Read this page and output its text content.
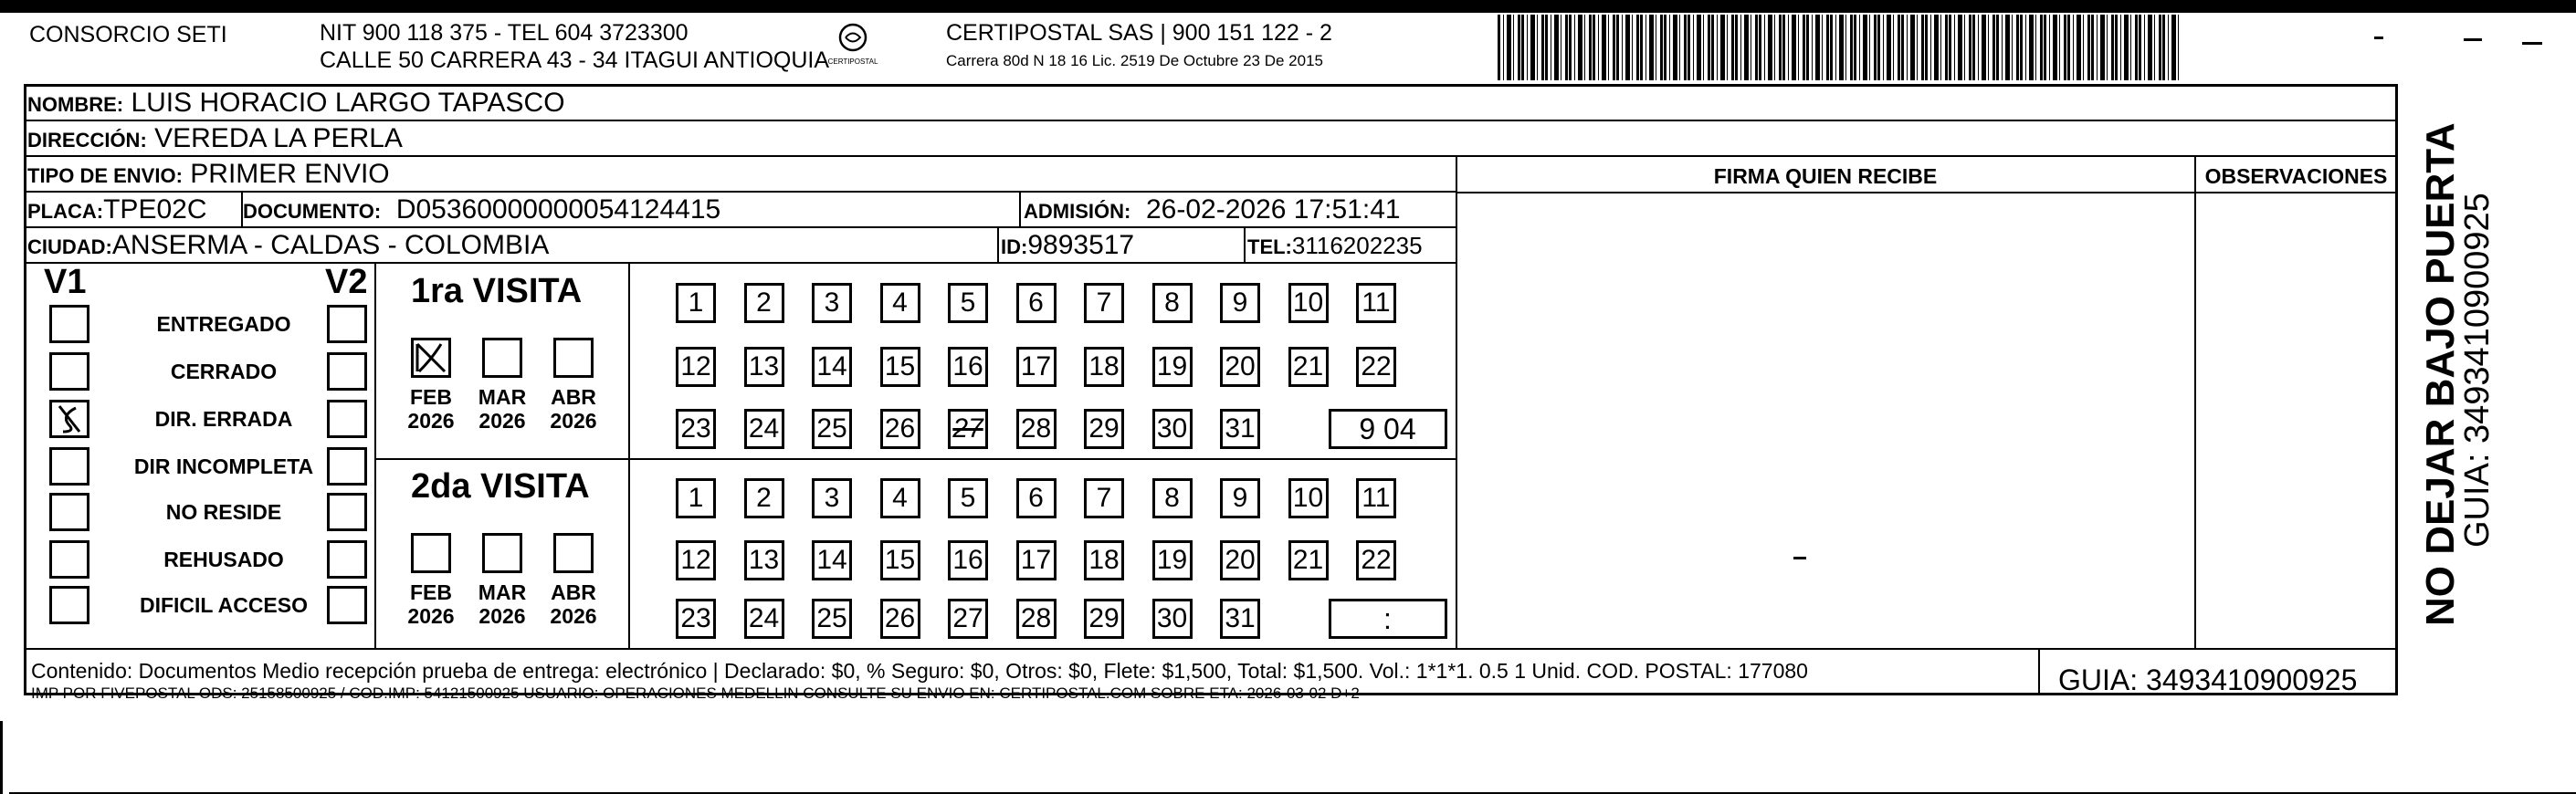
CONSORCIO SETI	NIT 900 118 375 - TEL 604 3723300
CALLE 50 CARRERA 43 - 34 ITAGUI ANTIOQUIA
CERTIPOSTAL
CERTIPOSTAL SAS | 900 151 122 - 2
Carrera 80d N 18 16 Lic. 2519 De Octubre 23 De 2015
NOMBRE: LUIS HORACIO LARGO TAPASCO
DIRECCIÓN: VEREDA LA PERLA
TIPO DE ENVIO: PRIMER ENVIO
PLACA:TPE02C DOCUMENTO: D05360000000054124415	ADMISIÓN: 26-02-2026 17:51:41
CIUDAD:ANSERMA - CALDAS - COLOMBIA	ID:9893517	TEL:3116202235
FIRMA QUIEN RECIBE	OBSERVACIONES
V1	V2 1ra VISITA
2da VISITA
Contenido: Documentos Medio recepción prueba de entrega: electrónico | Declarado: $0, % Seguro: $0, Otros: $0, Flete: $1,500, Total: $1,500. Vol.: 1*1*1. 0.5 1 Unid. COD. POSTAL: 177080
IMP POR FIVEPOSTAL ODS: 25158500925 / COD.IMP: 54121500925 USUARIO: OPERACIONES MEDELLIN CONSULTE SU ENVIO EN: CERTIPOSTAL.COM SOBRE ETA: 2026-03-02 D+2	GUIA: 3493410900925
NO DEJAR BAJO PUERTA
GUIA: 3493410900925
ENTREGADO
CERRADO
DIR. ERRADA
DIR INCOMPLETA
NO RESIDE
REHUSADO
DIFICIL ACCESO
FEB
2026
MAR
2026
ABR
2026
FEB
2026
MAR
2026
ABR
2026
1	2	3	4	5	6	7	8	9	10 11
12 13 14 15 16 17 18 19 20 21 22
23 24 25 26 27 28 29 30 31	9 04
1	2	3	4	5	6	7	8	9	10 11
12 13 14 15 16 17 18 19 20 21 22
23 24 25 26 27 28 29 30 31	:
